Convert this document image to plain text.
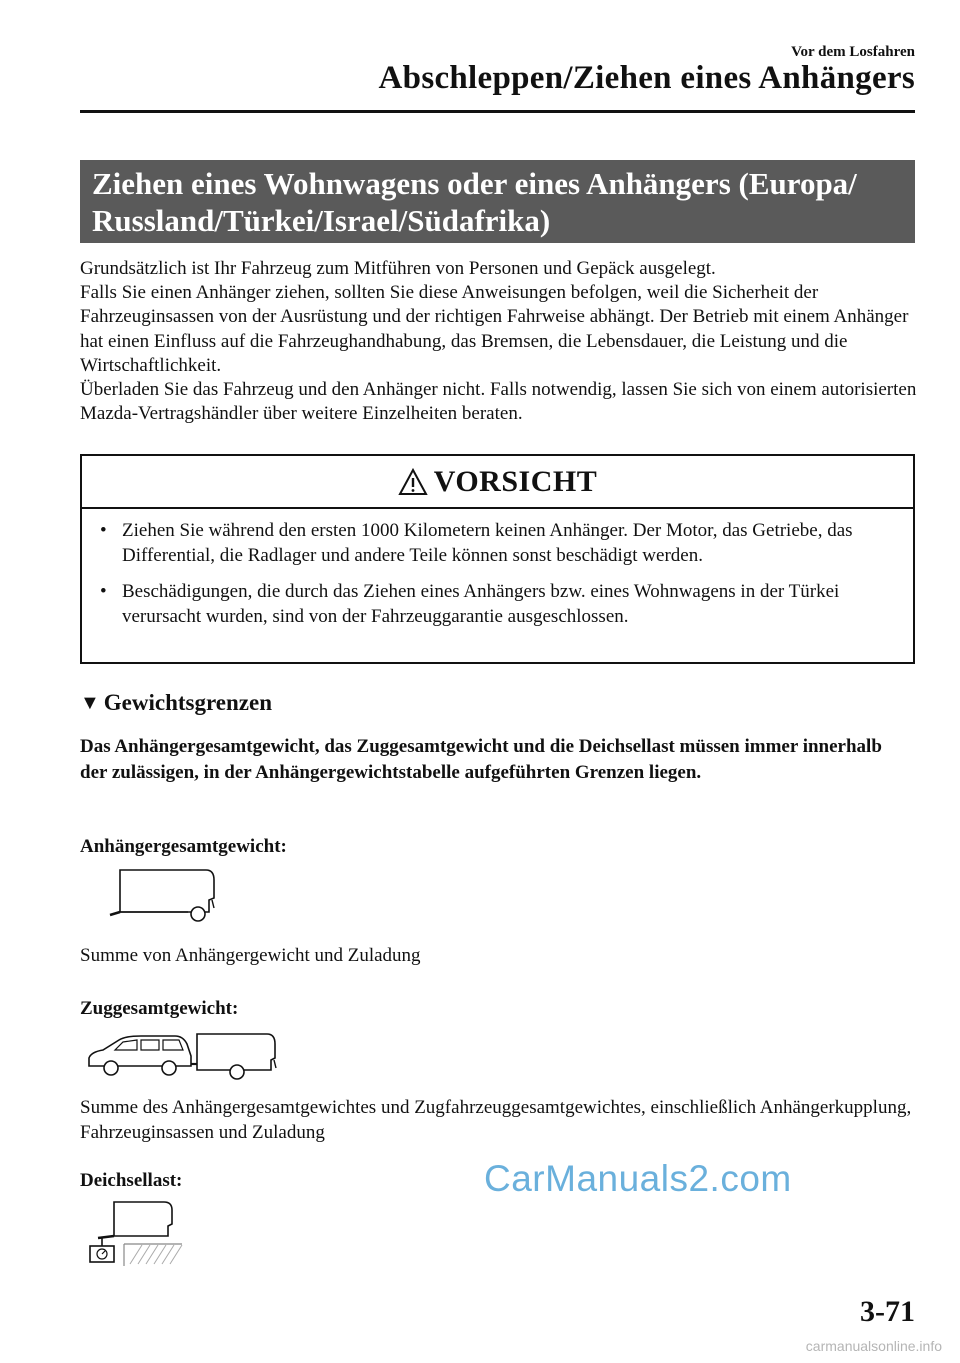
Vor dem Losfahren
Abschleppen/Ziehen eines Anhängers
Ziehen eines Wohnwagens oder eines Anhängers (Europa/
Russland/Türkei/Israel/Südafrika)

Grundsätzlich ist Ihr Fahrzeug zum Mitführen von Personen und Gepäck ausgelegt.

Falls Sie einen Anhänger ziehen, sollten Sie diese Anweisungen befolgen, weil die Sicherheit der Fahrzeuginsassen von der Ausrüstung und der richtigen Fahrweise abhängt. Der Betrieb mit einem Anhänger hat einen Einfluss auf die Fahrzeughandhabung, das Bremsen, die Lebensdauer, die Leistung und die Wirtschaftlichkeit.

Überladen Sie das Fahrzeug und den Anhänger nicht. Falls notwendig, lassen Sie sich von einem autorisierten Mazda-Vertragshändler über weitere Einzelheiten beraten.

VORSICHT
• Ziehen Sie während den ersten 1000 Kilometern keinen Anhänger. Der Motor, das Getriebe, das Differential, die Radlager und andere Teile können sonst beschädigt werden.
• Beschädigungen, die durch das Ziehen eines Anhängers bzw. eines Wohnwagens in der Türkei verursacht wurden, sind von der Fahrzeuggarantie ausgeschlossen.
▼ Gewichtsgrenzen
Das Anhängergesamtgewicht, das Zuggesamtgewicht und die Deichsellast müssen immer innerhalb der zulässigen, in der Anhängergewichtstabelle aufgeführten Grenzen liegen.
Anhängergesamtgewicht:
Summe von Anhängergewicht und Zuladung
Zuggesamtgewicht:
Summe des Anhängergesamtgewichtes und Zugfahrzeuggesamtgewichtes, einschließlich Anhängerkupplung, Fahrzeuginsassen und Zuladung
Deichsellast:	CarManuals2.com
3-71
carmanualsonline.info
